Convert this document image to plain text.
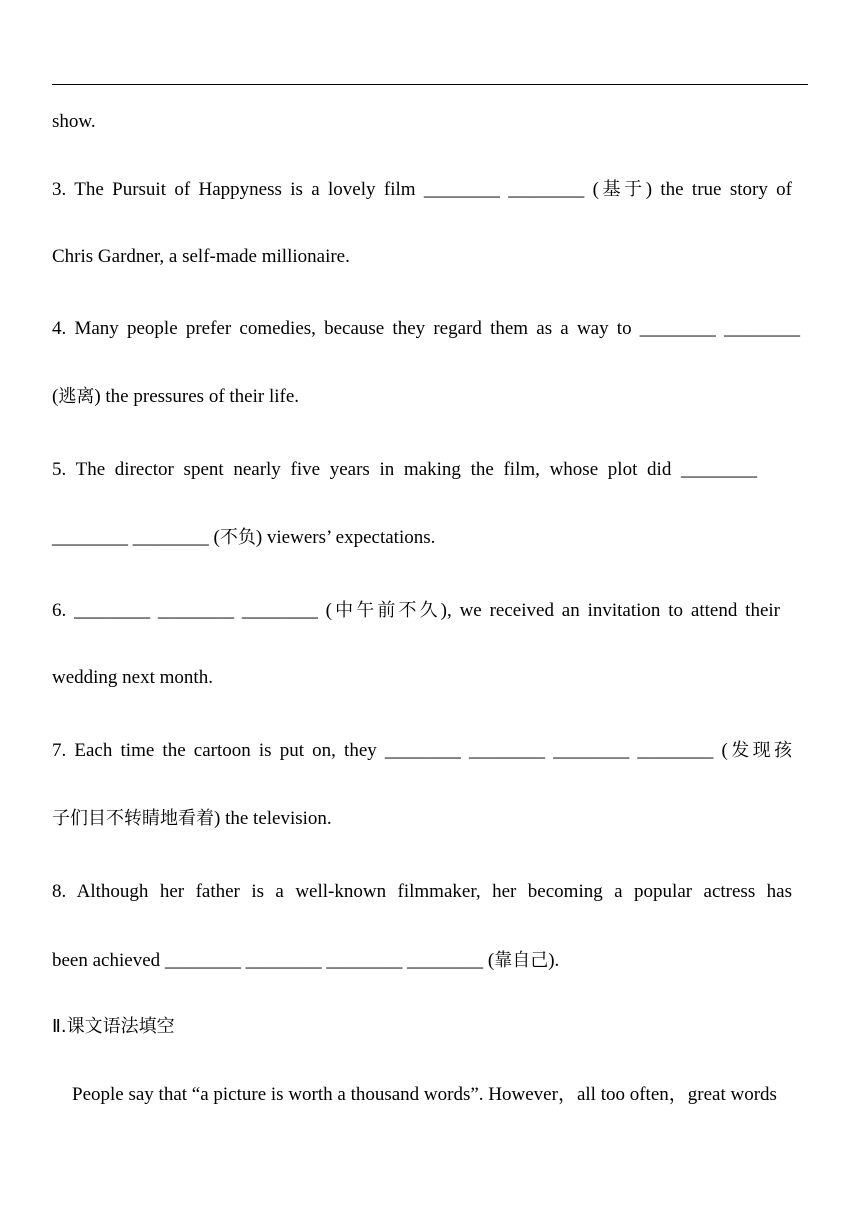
show.
3. The Pursuit of Happyness is a lovely film ________ ________ (基于) the true story of
Chris Gardner, a self-made millionaire.
4. Many people prefer comedies, because they regard them as a way to ________ ________
(逃离) the pressures of their life.
5. The director spent nearly five years in making the film, whose plot did ________
________ ________ (不负) viewers’ expectations.
6. ________ ________ ________ (中午前不久), we received an invitation to attend their
wedding next month.
7. Each time the cartoon is put on, they ________ ________ ________ ________ (发现孩
子们目不转睛地看着) the television.
8. Although her father is a well-known filmmaker, her becoming a popular actress has
been achieved ________ ________ ________ ________ (靠自己).
Ⅱ.课文语法填空
People say that “a picture is worth a thousand words”. However，all too often，great words
